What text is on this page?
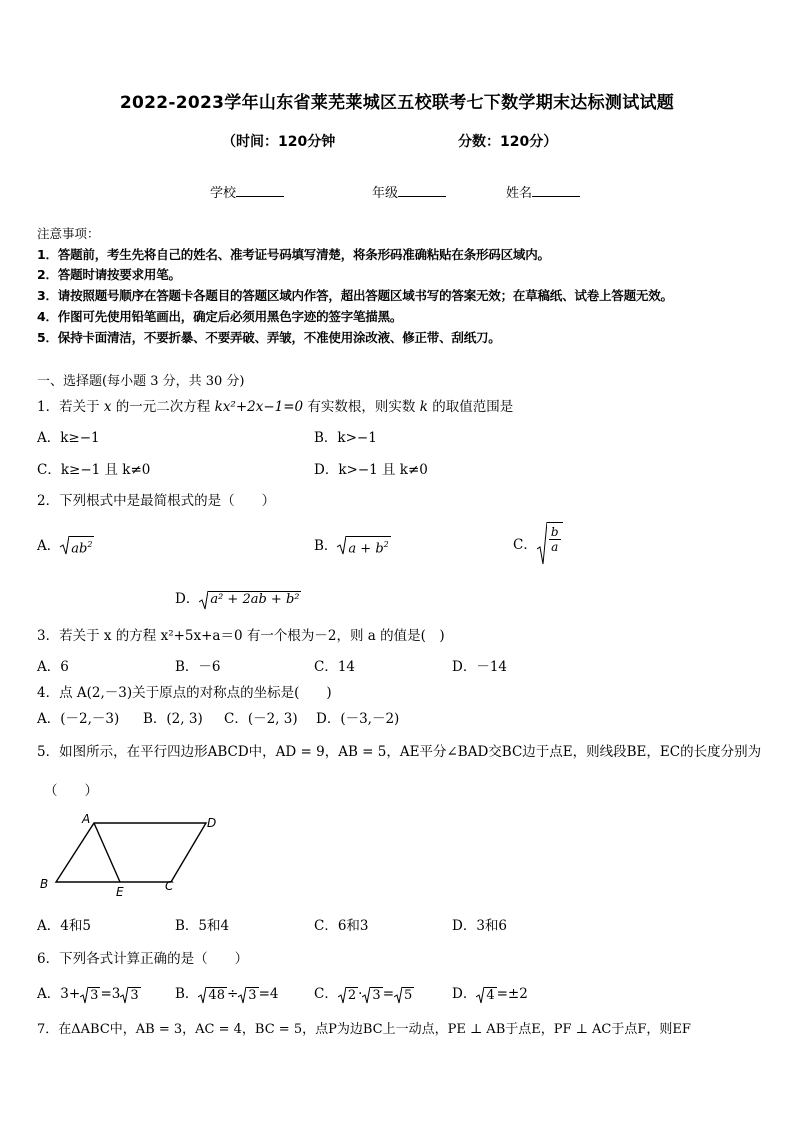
2022-2023学年山东省莱芜莱城区五校联考七下数学期末达标测试试题
（时间：120分钟	分数：120分）
学校	年级	姓名
注意事项：
1．答题前，考生先将自己的姓名、准考证号码填写清楚，将条形码准确粘贴在条形码区域内。
2．答题时请按要求用笔。
3．请按照题号顺序在答题卡各题目的答题区域内作答，超出答题区域书写的答案无效；在草稿纸、试卷上答题无效。
4．作图可先使用铅笔画出，确定后必须用黑色字迹的签字笔描黑。
5．保持卡面清洁，不要折暴、不要弄破、弄皱，不准使用涂改液、修正带、刮纸刀。
一、选择题(每小题 3 分，共 30 分)
1．若关于 x 的一元二次方程 kx²+2x−1=0 有实数根，则实数 k 的取值范围是
A．k≥−1	B．k>−1
C．k≥−1 且 k≠0	D．k>−1 且 k≠0
2．下列根式中是最简根式的是（　　）
A． $ab^2$	B． $a + b^2$	C． $\frac{b}{a}$
D． a² + 2ab + b²
3．若关于 x 的方程 x²+5x+a＝0 有一个根为－2，则 a 的值是(　)
A．6	B．－6	C．14	D．－14
4．点 A(2,－3)关于原点的对称点的坐标是(　　)
A．(－2,－3) B．(2, 3) C．(－2, 3) D．(－3,－2)
5．如图所示，在平行四边形ABCD中，AD = 9，AB = 5，AE平分∠BAD交BC边于点E，则线段BE，EC的长度分别为
（　　）
A	D
B
E	C
A．4和5	B．5和4	C．6和3	D．3和6
6．下列各式计算正确的是（　　）
A．3+ 3 =3 3	B． 48 ÷ 3 =4	C． 2 · 3 = 5	D． 4 =±2
7．在ΔABC中，AB = 3，AC = 4，BC = 5，点P为边BC上一动点，PE ⊥ AB于点E，PF ⊥ AC于点F，则EF
